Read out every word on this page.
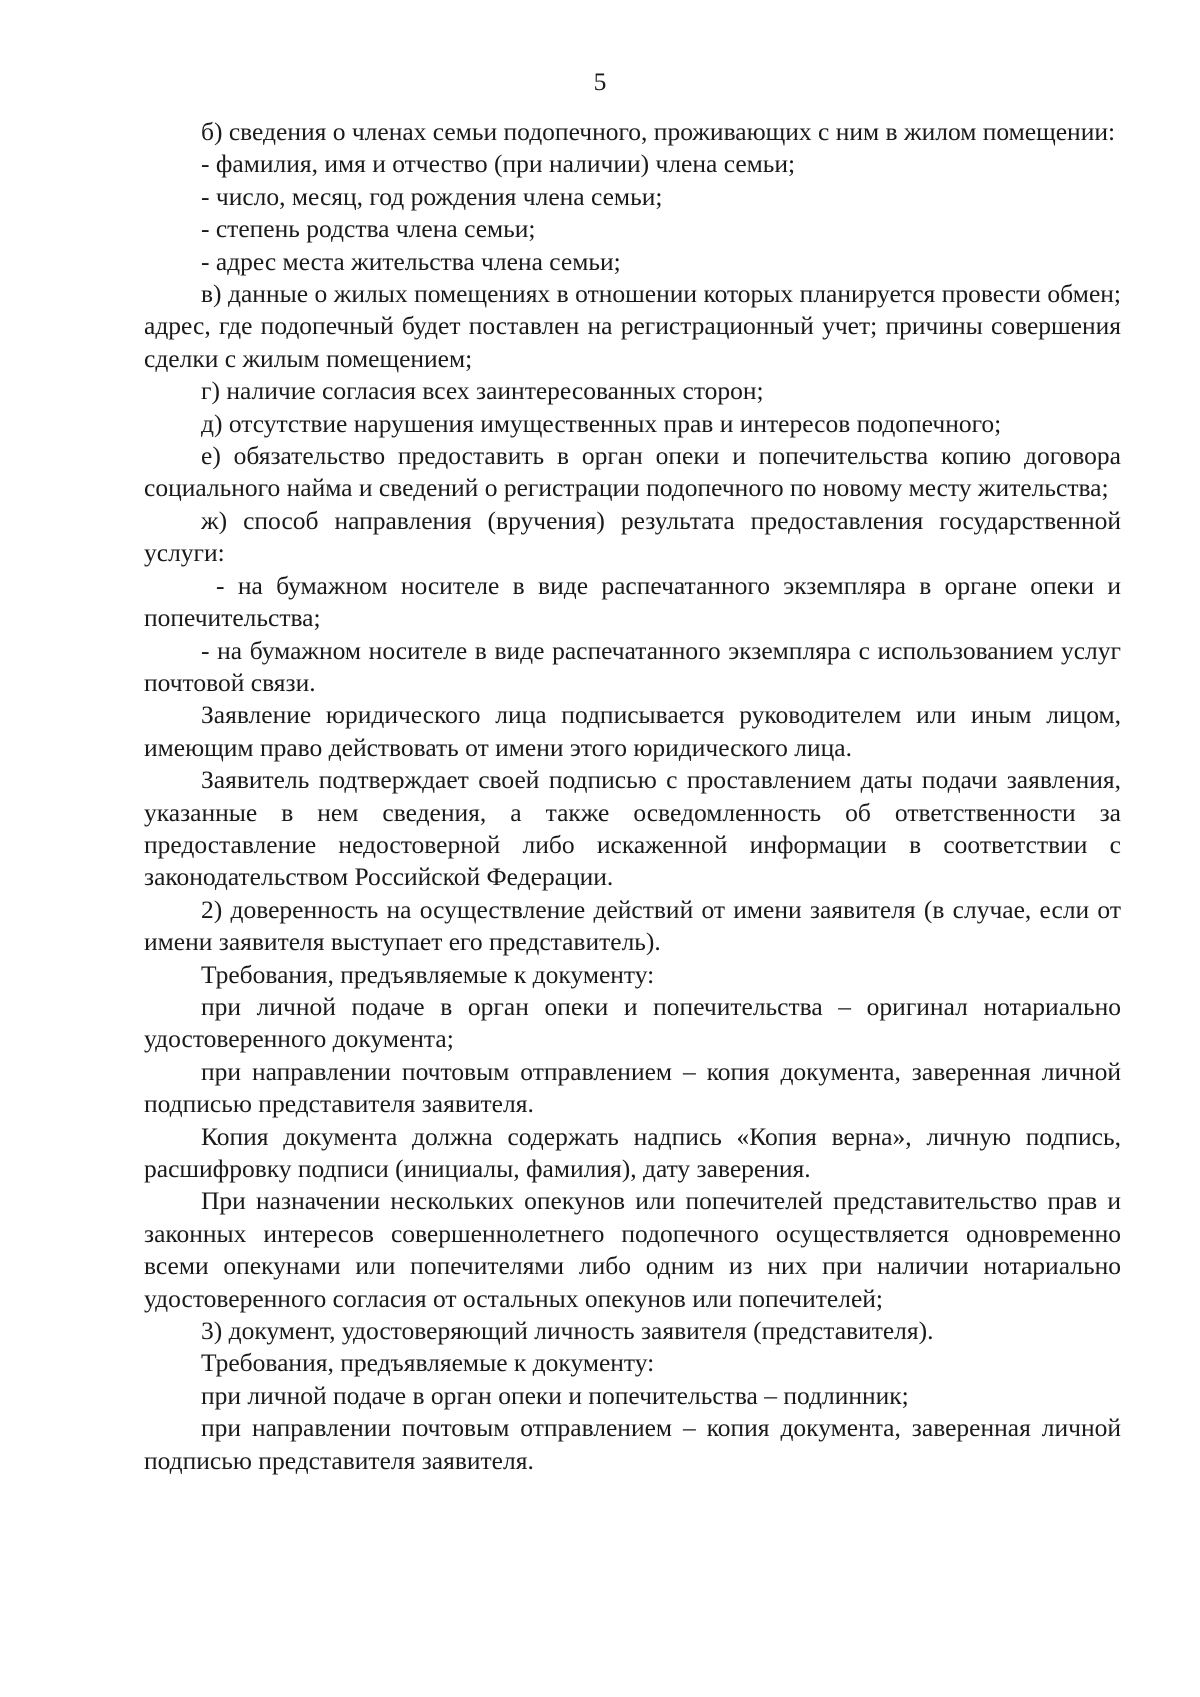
5

б) сведения о членах семьи подопечного, проживающих с ним в жилом помещении:

- фамилия, имя и отчество (при наличии) члена семьи;

- число, месяц, год рождения члена семьи;

- степень родства члена семьи;

- адрес места жительства члена семьи;

в) данные о жилых помещениях в отношении которых планируется провести обмен; адрес, где подопечный будет поставлен на регистрационный учет; причины совершения сделки с жилым помещением;

г) наличие согласия всех заинтересованных сторон;

д) отсутствие нарушения имущественных прав и интересов подопечного;

е) обязательство предоставить в орган опеки и попечительства копию договора социального найма и сведений о регистрации подопечного по новому месту жительства;

ж) способ направления (вручения) результата предоставления государственной услуги:

- на бумажном носителе в виде распечатанного экземпляра в органе опеки и попечительства;

- на бумажном носителе в виде распечатанного экземпляра с использованием услуг почтовой связи.

Заявление юридического лица подписывается руководителем или иным лицом, имеющим право действовать от имени этого юридического лица.

Заявитель подтверждает своей подписью с проставлением даты подачи заявления, указанные в нем сведения, а также осведомленность об ответственности за предоставление недостоверной либо искаженной информации в соответствии с законодательством Российской Федерации.

2) доверенность на осуществление действий от имени заявителя (в случае, если от имени заявителя выступает его представитель).

Требования, предъявляемые к документу:

при личной подаче в орган опеки и попечительства – оригинал нотариально удостоверенного документа;

при направлении почтовым отправлением – копия документа, заверенная личной подписью представителя заявителя.

Копия документа должна содержать надпись «Копия верна», личную подпись, расшифровку подписи (инициалы, фамилия), дату заверения.

При назначении нескольких опекунов или попечителей представительство прав и законных интересов совершеннолетнего подопечного осуществляется одновременно всеми опекунами или попечителями либо одним из них при наличии нотариально удостоверенного согласия от остальных опекунов или попечителей;

3) документ, удостоверяющий личность заявителя (представителя).

Требования, предъявляемые к документу:

при личной подаче в орган опеки и попечительства – подлинник;

при направлении почтовым отправлением – копия документа, заверенная личной подписью представителя заявителя.
